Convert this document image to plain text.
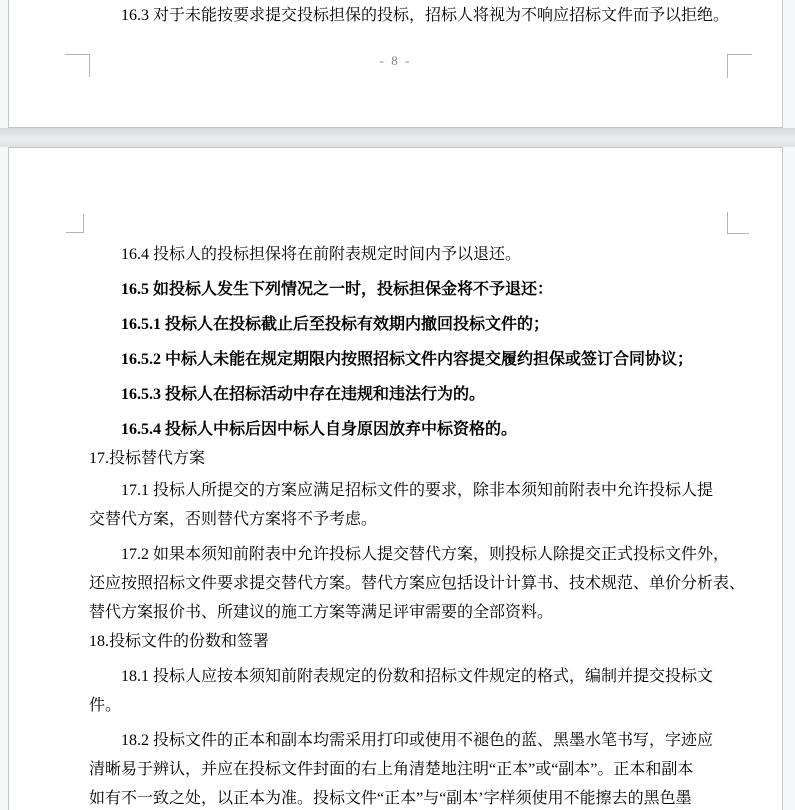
16.3 对于未能按要求提交投标担保的投标，招标人将视为不响应招标文件而予以拒绝。
- 8 -
16.4 投标人的投标担保将在前附表规定时间内予以退还。
16.5 如投标人发生下列情况之一时，投标担保金将不予退还：
16.5.1 投标人在投标截止后至投标有效期内撤回投标文件的；
16.5.2 中标人未能在规定期限内按照招标文件内容提交履约担保或签订合同协议；
16.5.3 投标人在招标活动中存在违规和违法行为的。
16.5.4 投标人中标后因中标人自身原因放弃中标资格的。
17.投标替代方案
17.1 投标人所提交的方案应满足招标文件的要求，除非本须知前附表中允许投标人提
交替代方案，否则替代方案将不予考虑。
17.2 如果本须知前附表中允许投标人提交替代方案，则投标人除提交正式投标文件外，
还应按照招标文件要求提交替代方案。替代方案应包括设计计算书、技术规范、单价分析表、
替代方案报价书、所建议的施工方案等满足评审需要的全部资料。
18.投标文件的份数和签署
18.1 投标人应按本须知前附表规定的份数和招标文件规定的格式，编制并提交投标文
件。
18.2 投标文件的正本和副本均需采用打印或使用不褪色的蓝、黑墨水笔书写，字迹应
清晰易于辨认，并应在投标文件封面的右上角清楚地注明“正本”或“副本”。正本和副本
如有不一致之处，以正本为准。投标文件“正本”与“副本’字样须使用不能擦去的黑色墨
